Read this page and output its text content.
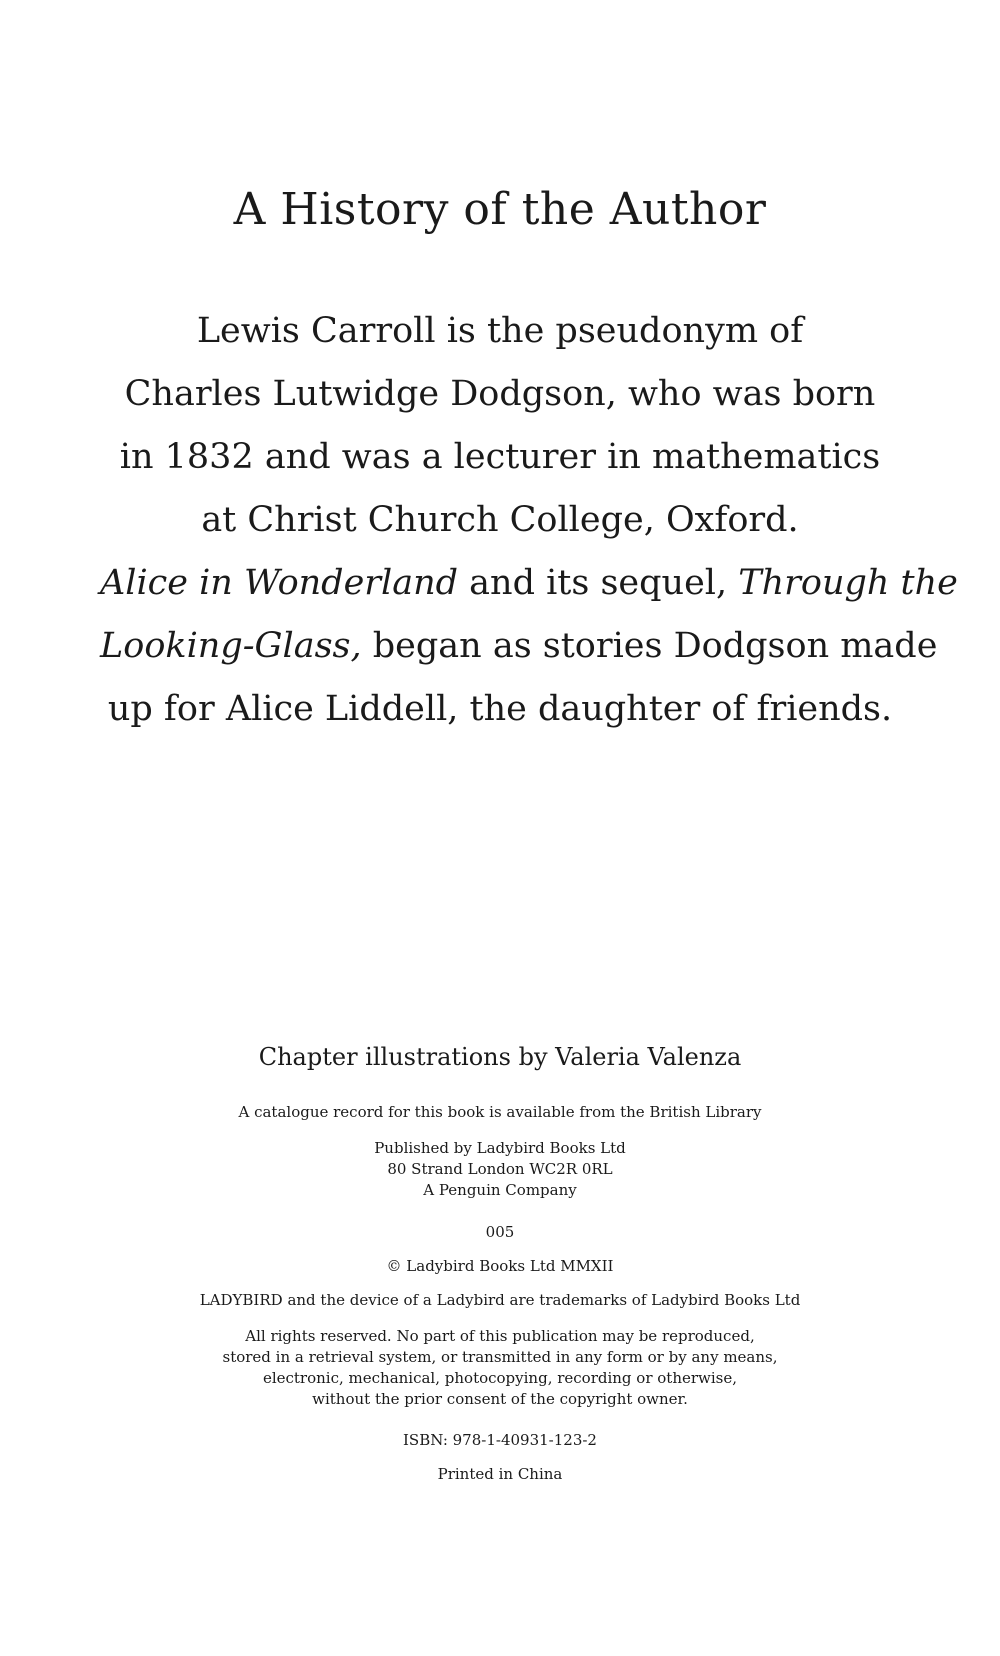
A History of the Author

Lewis Carroll is the pseudonym of
Charles Lutwidge Dodgson, who was born
in 1832 and was a lecturer in mathematics
at Christ Church College, Oxford.
Alice in Wonderland and its sequel, Through the
Looking-Glass, began as stories Dodgson made
up for Alice Liddell, the daughter of friends.

Chapter illustrations by Valeria Valenza
A catalogue record for this book is available from the British Library
Published by Ladybird Books Ltd
80 Strand London WC2R 0RL
A Penguin Company
005
© Ladybird Books Ltd MMXII
LADYBIRD and the device of a Ladybird are trademarks of Ladybird Books Ltd
All rights reserved. No part of this publication may be reproduced,
stored in a retrieval system, or transmitted in any form or by any means,
electronic, mechanical, photocopying, recording or otherwise,
without the prior consent of the copyright owner.
ISBN: 978-1-40931-123-2
Printed in China
